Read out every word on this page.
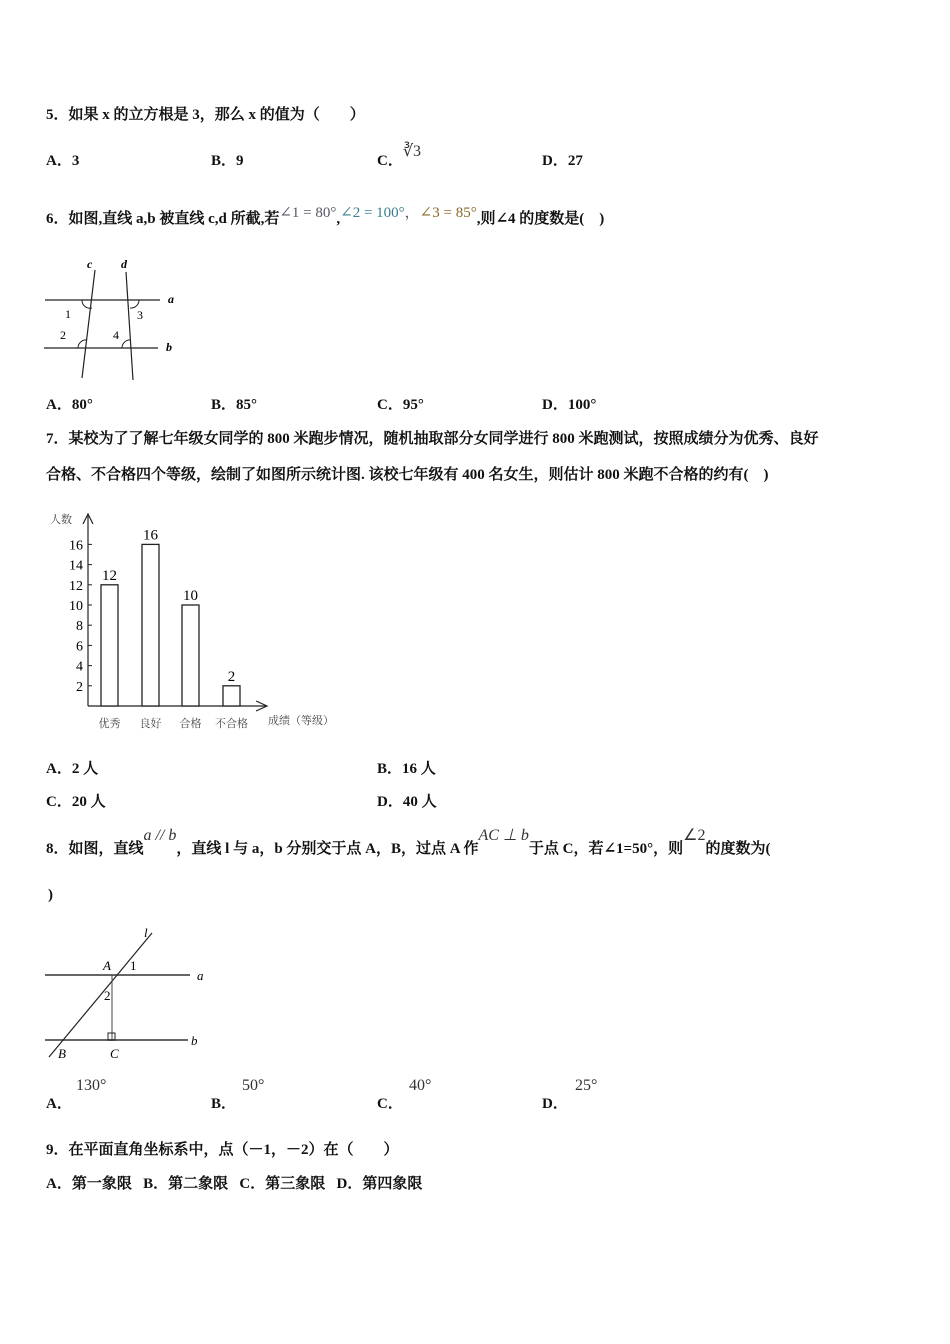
5．如果 x 的立方根是 3，那么 x 的值为（　　）
A．3	B．9	C．∛3
D．27
6．如图,直线 a,b 被直线 c,d 所截,若∠1 = 80°,∠2 = 100°，∠3 = 85°,则∠4 的度数是(　)
c d
a
b
1	3
2	4
A．80°	B．85°	C．95°	D．100°
7．某校为了了解七年级女同学的 800 米跑步情况，随机抽取部分女同学进行 800 米跑测试，按照成绩分为优秀、良好
合格、不合格四个等级，绘制了如图所示统计图. 该校七年级有 400 名女生，则估计 800 米跑不合格的约有(　)
人数
成绩（等级）
2
4
6
8
10
12
14
16
12
优秀
16
良好
10
合格
2
不合格
A．2 人	B．16 人
C．20 人	D．40 人
8．如图，直线a // b，直线 l 与 a，b 分别交于点 A，B，过点 A 作AC ⊥ b于点 C，若∠1=50°，则∠2的度数为(
)
l
A 1
a
2
b
B	C
A．
130°
B．
50°
C．
40°
D．
25°
9．在平面直角坐标系中，点（－1，－2）在（　　）
A．第一象限 B．第二象限 C．第三象限 D．第四象限
